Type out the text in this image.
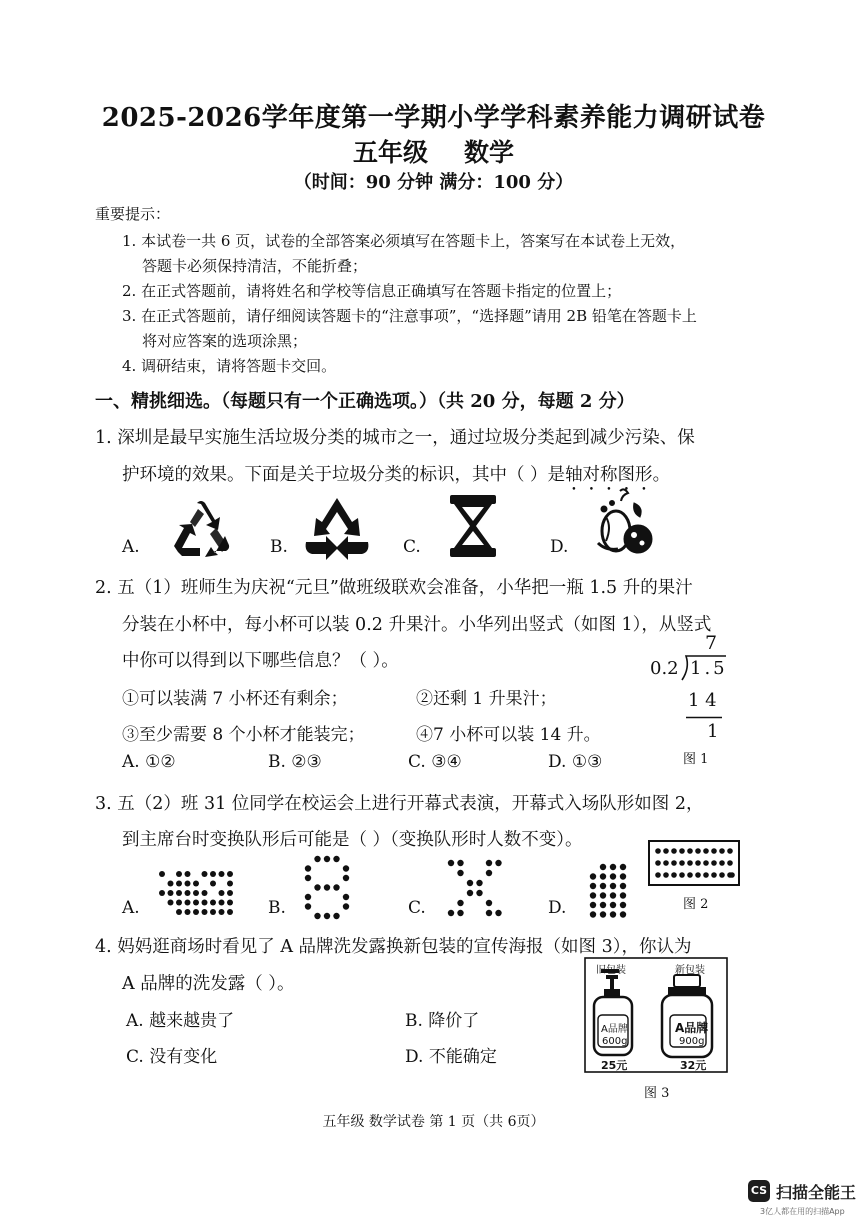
2025-2026学年度第一学期小学学科素养能力调研试卷
五年级 数学
（时间：90 分钟 满分：100 分）
重要提示：
1. 本试卷一共 6 页，试卷的全部答案必须填写在答题卡上，答案写在本试卷上无效，
答题卡必须保持清洁，不能折叠；
2. 在正式答题前，请将姓名和学校等信息正确填写在答题卡指定的位置上；
3. 在正式答题前，请仔细阅读答题卡的“注意事项”，“选择题”请用 2B 铅笔在答题卡上
将对应答案的选项涂黑；
4. 调研结束，请将答题卡交回。
一、精挑细选。（每题只有一个正确选项。）（共 20 分，每题 2 分）
1. 深圳是最早实施生活垃圾分类的城市之一，通过垃圾分类起到减少污染、保
护环境的效果。下面是关于垃圾分类的标识，其中（ ）是轴对称图形。
A.	B.	C.	D.
2. 五（1）班师生为庆祝“元旦”做班级联欢会准备，小华把一瓶 1.5 升的果汁
分装在小杯中，每小杯可以装 0.2 升果汁。小华列出竖式（如图 1），从竖式
中你可以得到以下哪些信息？（ ）。
①可以装满 7 小杯还有剩余；	②还剩 1 升果汁；
③至少需要 8 个小杯才能装完；	④7 小杯可以装 14 升。
A. ①②	B. ②③	C. ③④	D. ①③
7
0.2 1.5
1 4
1
图 1
3. 五（2）班 31 位同学在校运会上进行开幕式表演，开幕式入场队形如图 2，
到主席台时变换队形后可能是（ ）（变换队形时人数不变）。
A.	B.	C.	D.	图 2
4. 妈妈逛商场时看见了 A 品牌洗发露换新包装的宣传海报（如图 3），你认为
A 品牌的洗发露（ ）。
A. 越来越贵了	B. 降价了
C. 没有变化	D. 不能确定
旧包装	新包装
A品牌
600g
A品牌
900g
25元	32元
图 3
五年级 数学试卷 第 1 页（共 6页）
CS 扫描全能王
3亿人都在用的扫描App
